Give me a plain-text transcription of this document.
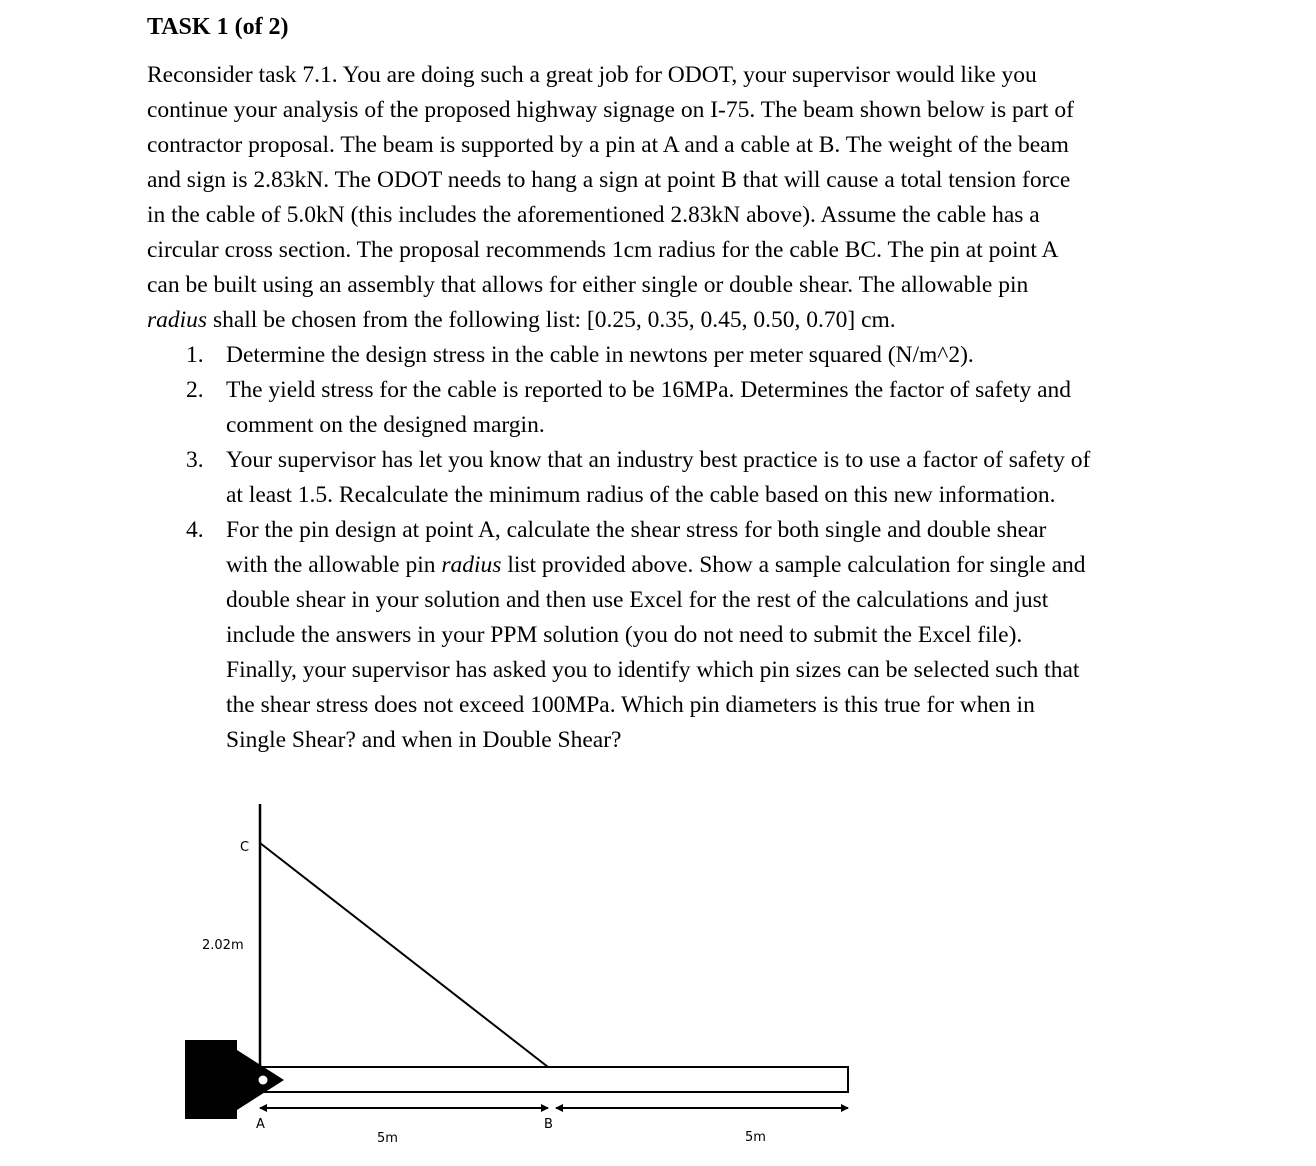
TASK 1 (of 2)
Reconsider task 7.1. You are doing such a great job for ODOT, your supervisor would like you
continue your analysis of the proposed highway signage on I-75. The beam shown below is part of
contractor proposal. The beam is supported by a pin at A and a cable at B. The weight of the beam
and sign is 2.83kN. The ODOT needs to hang a sign at point B that will cause a total tension force
in the cable of 5.0kN (this includes the aforementioned 2.83kN above). Assume the cable has a
circular cross section. The proposal recommends 1cm radius for the cable BC. The pin at point A
can be built using an assembly that allows for either single or double shear. The allowable pin
radius shall be chosen from the following list: [0.25, 0.35, 0.45, 0.50, 0.70] cm.
1. Determine the design stress in the cable in newtons per meter squared (N/m^2).
2. The yield stress for the cable is reported to be 16MPa. Determines the factor of safety and
comment on the designed margin.
3. Your supervisor has let you know that an industry best practice is to use a factor of safety of
at least 1.5. Recalculate the minimum radius of the cable based on this new information.
4. For the pin design at point A, calculate the shear stress for both single and double shear
with the allowable pin radius list provided above. Show a sample calculation for single and
double shear in your solution and then use Excel for the rest of the calculations and just
include the answers in your PPM solution (you do not need to submit the Excel file).
Finally, your supervisor has asked you to identify which pin sizes can be selected such that
the shear stress does not exceed 100MPa. Which pin diameters is this true for when in
Single Shear? and when in Double Shear?
C
2.02m
A	B
5m	5m
